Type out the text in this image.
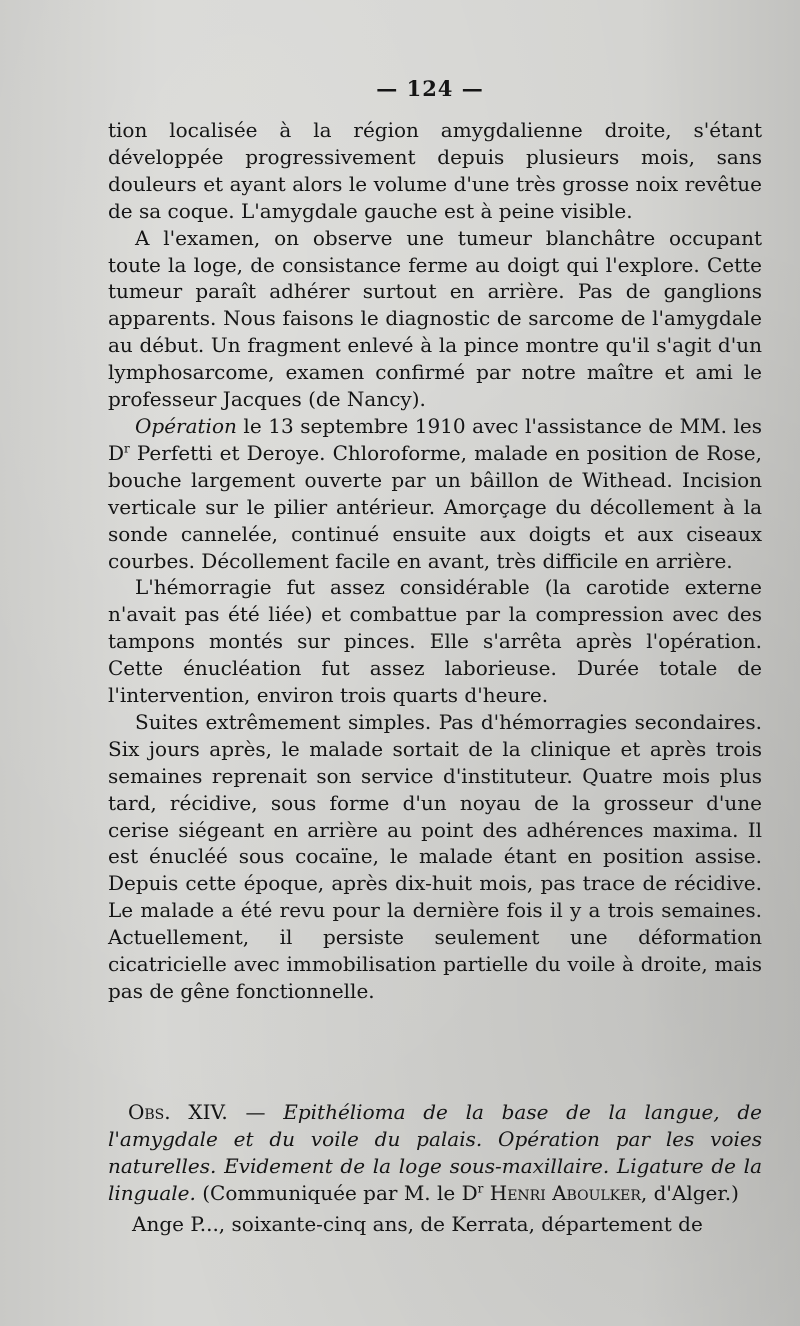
— 124 —

tion localisée à la région amygdalienne droite, s'étant développée progressivement depuis plusieurs mois, sans douleurs et ayant alors le volume d'une très grosse noix revêtue de sa coque. L'amygdale gauche est à peine visible.

A l'examen, on observe une tumeur blanchâtre occupant toute la loge, de consistance ferme au doigt qui l'explore. Cette tumeur paraît adhérer surtout en arrière. Pas de ganglions apparents. Nous faisons le diagnostic de sarcome de l'amygdale au début. Un fragment enlevé à la pince montre qu'il s'agit d'un lymphosarcome, examen confirmé par notre maître et ami le professeur Jacques (de Nancy).

Opération le 13 septembre 1910 avec l'assistance de MM. les $D^r$ Perfetti et Deroye. Chloroforme, malade en position de Rose, bouche largement ouverte par un bâillon de Withead. Incision verticale sur le pilier antérieur. Amorçage du décollement à la sonde cannelée, continué ensuite aux doigts et aux ciseaux courbes. Décollement facile en avant, très difficile en arrière.

L'hémorragie fut assez considérable (la carotide externe n'avait pas été liée) et combattue par la compression avec des tampons montés sur pinces. Elle s'arrêta après l'opération. Cette énucléation fut assez laborieuse. Durée totale de l'intervention, environ trois quarts d'heure.

Suites extrêmement simples. Pas d'hémorragies secondaires. Six jours après, le malade sortait de la clinique et après trois semaines reprenait son service d'instituteur. Quatre mois plus tard, récidive, sous forme d'un noyau de la grosseur d'une cerise siégeant en arrière au point des adhérences maxima. Il est énucléé sous cocaïne, le malade étant en position assise. Depuis cette époque, après dix-huit mois, pas trace de récidive. Le malade a été revu pour la dernière fois il y a trois semaines. Actuellement, il persiste seulement une déformation cicatricielle avec immobilisation partielle du voile à droite, mais pas de gêne fonctionnelle.

Obs. XIV. — Epithélioma de la base de la langue, de l'amygdale et du voile du palais. Opération par les voies naturelles. Evidement de la loge sous-maxillaire. Ligature de la linguale. (Communiquée par M. le $D^r$ Henri Aboulker, d'Alger.)

Ange P..., soixante-cinq ans, de Kerrata, département de
